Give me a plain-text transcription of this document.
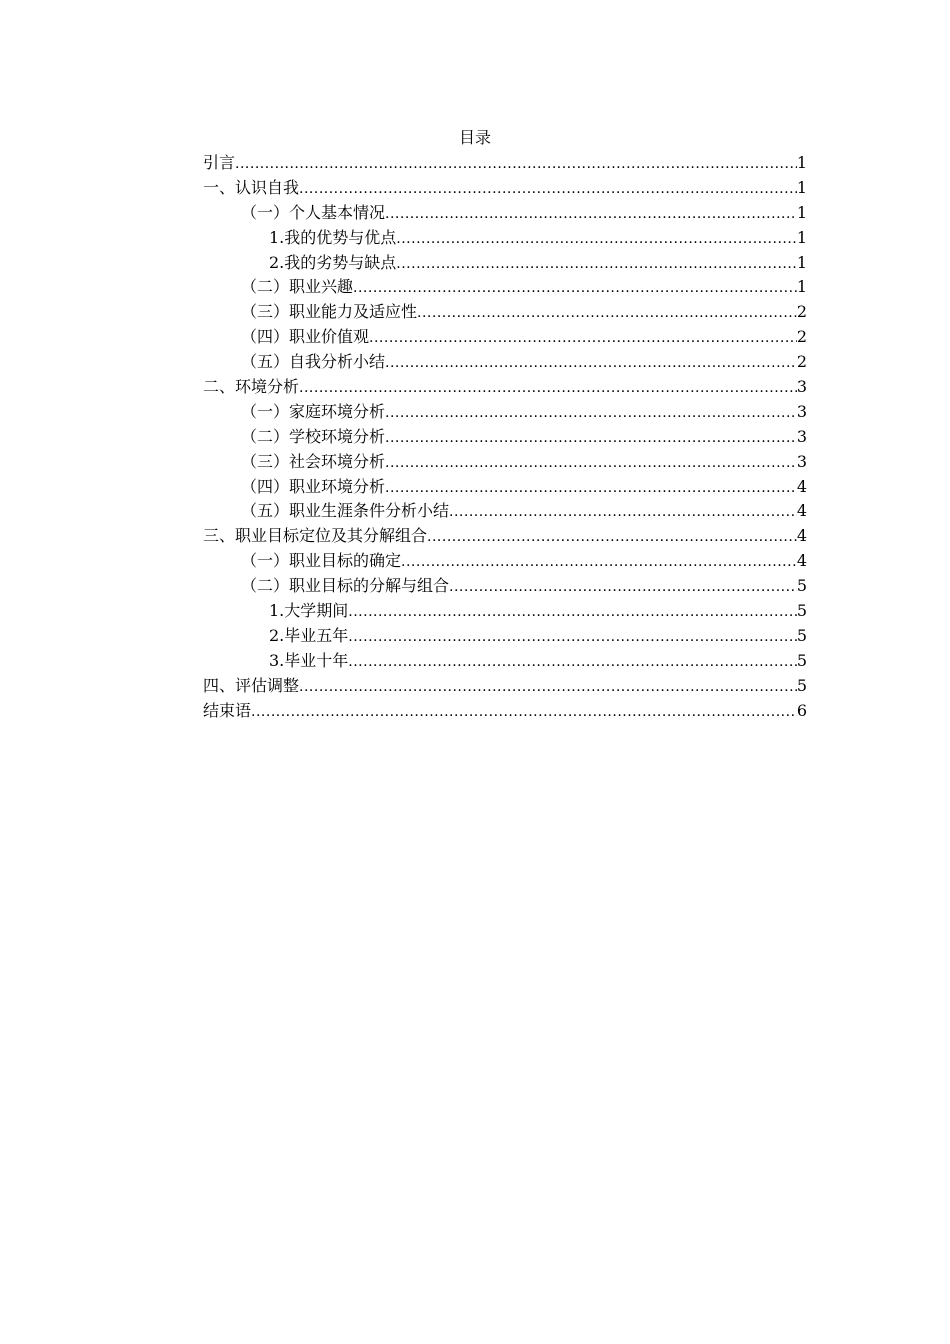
目录
引言 .....	1
一、认识自我 .....	1
（一）个人基本情况 .....	1
1.我的优势与优点 .....	1
2.我的劣势与缺点 .....	1
（二）职业兴趣 .....	1
（三）职业能力及适应性 .....	2
（四）职业价值观 .....	2
（五）自我分析小结 .....	2
二、环境分析 .....	3
（一）家庭环境分析 .....	3
（二）学校环境分析 .....	3
（三）社会环境分析 .....	3
（四）职业环境分析 .....	4
（五）职业生涯条件分析小结 .....	4
三、职业目标定位及其分解组合 .....	4
（一）职业目标的确定 .....	4
（二）职业目标的分解与组合 .....	5
1.大学期间 .....	5
2.毕业五年 .....	5
3.毕业十年 .....	5
四、评估调整 .....	5
结束语 .....	6
